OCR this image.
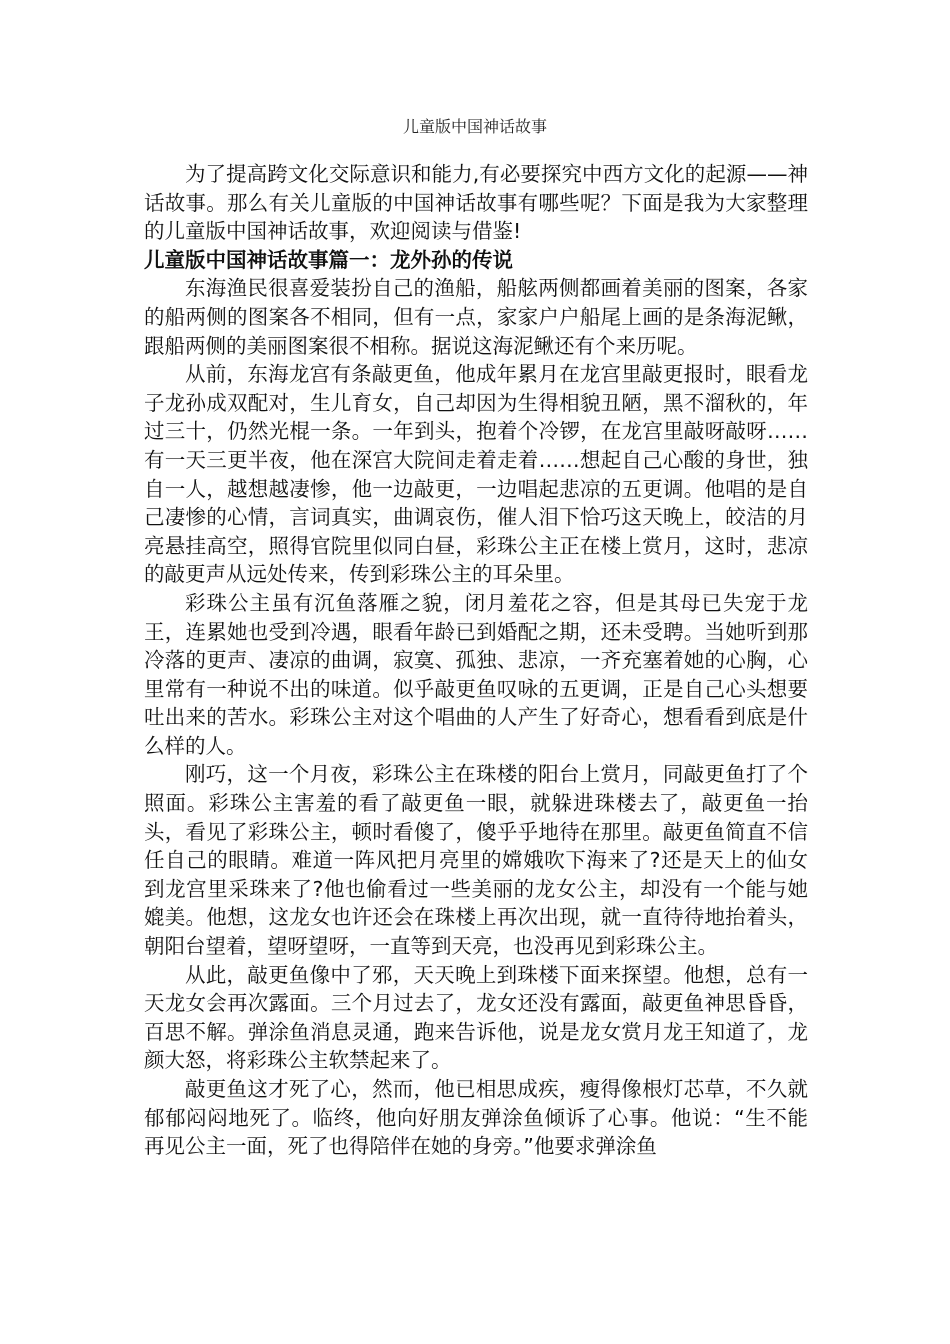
儿童版中国神话故事

为了提高跨文化交际意识和能力,有必要探究中西方文化的起源——神话故事。那么有关儿童版的中国神话故事有哪些呢？下面是我为大家整理的儿童版中国神话故事，欢迎阅读与借鉴!

儿童版中国神话故事篇一：龙外孙的传说

东海渔民很喜爱装扮自己的渔船，船舷两侧都画着美丽的图案，各家的船两侧的图案各不相同，但有一点，家家户户船尾上画的是条海泥鳅，跟船两侧的美丽图案很不相称。据说这海泥鳅还有个来历呢。

从前，东海龙宫有条敲更鱼，他成年累月在龙宫里敲更报时，眼看龙子龙孙成双配对，生儿育女，自己却因为生得相貌丑陋，黑不溜秋的，年过三十，仍然光棍一条。一年到头，抱着个冷锣，在龙宫里敲呀敲呀……有一天三更半夜，他在深宫大院间走着走着……想起自己心酸的身世，独自一人，越想越凄惨，他一边敲更，一边唱起悲凉的五更调。他唱的是自己凄惨的心情，言词真实，曲调哀伤，催人泪下恰巧这天晚上，皎洁的月亮悬挂高空，照得官院里似同白昼，彩珠公主正在楼上赏月，这时，悲凉的敲更声从远处传来，传到彩珠公主的耳朵里。

彩珠公主虽有沉鱼落雁之貌，闭月羞花之容，但是其母已失宠于龙王，连累她也受到冷遇，眼看年龄已到婚配之期，还未受聘。当她听到那冷落的更声、凄凉的曲调，寂寞、孤独、悲凉，一齐充塞着她的心胸，心里常有一种说不出的味道。似乎敲更鱼叹咏的五更调，正是自己心头想要吐出来的苦水。彩珠公主对这个唱曲的人产生了好奇心，想看看到底是什么样的人。

刚巧，这一个月夜，彩珠公主在珠楼的阳台上赏月，同敲更鱼打了个照面。彩珠公主害羞的看了敲更鱼一眼，就躲进珠楼去了，敲更鱼一抬头，看见了彩珠公主，顿时看傻了，傻乎乎地待在那里。敲更鱼简直不信任自己的眼睛。难道一阵风把月亮里的嫦娥吹下海来了?还是天上的仙女到龙宫里采珠来了?他也偷看过一些美丽的龙女公主，却没有一个能与她媲美。他想，这龙女也许还会在珠楼上再次出现，就一直待待地抬着头，朝阳台望着，望呀望呀，一直等到天亮，也没再见到彩珠公主。

从此，敲更鱼像中了邪，天天晚上到珠楼下面来探望。他想，总有一天龙女会再次露面。三个月过去了，龙女还没有露面，敲更鱼神思昏昏，百思不解。弹涂鱼消息灵通，跑来告诉他，说是龙女赏月龙王知道了，龙颜大怒，将彩珠公主软禁起来了。

敲更鱼这才死了心，然而，他已相思成疾，瘦得像根灯芯草，不久就郁郁闷闷地死了。临终，他向好朋友弹涂鱼倾诉了心事。他说：“生不能再见公主一面，死了也得陪伴在她的身旁。”他要求弹涂鱼
